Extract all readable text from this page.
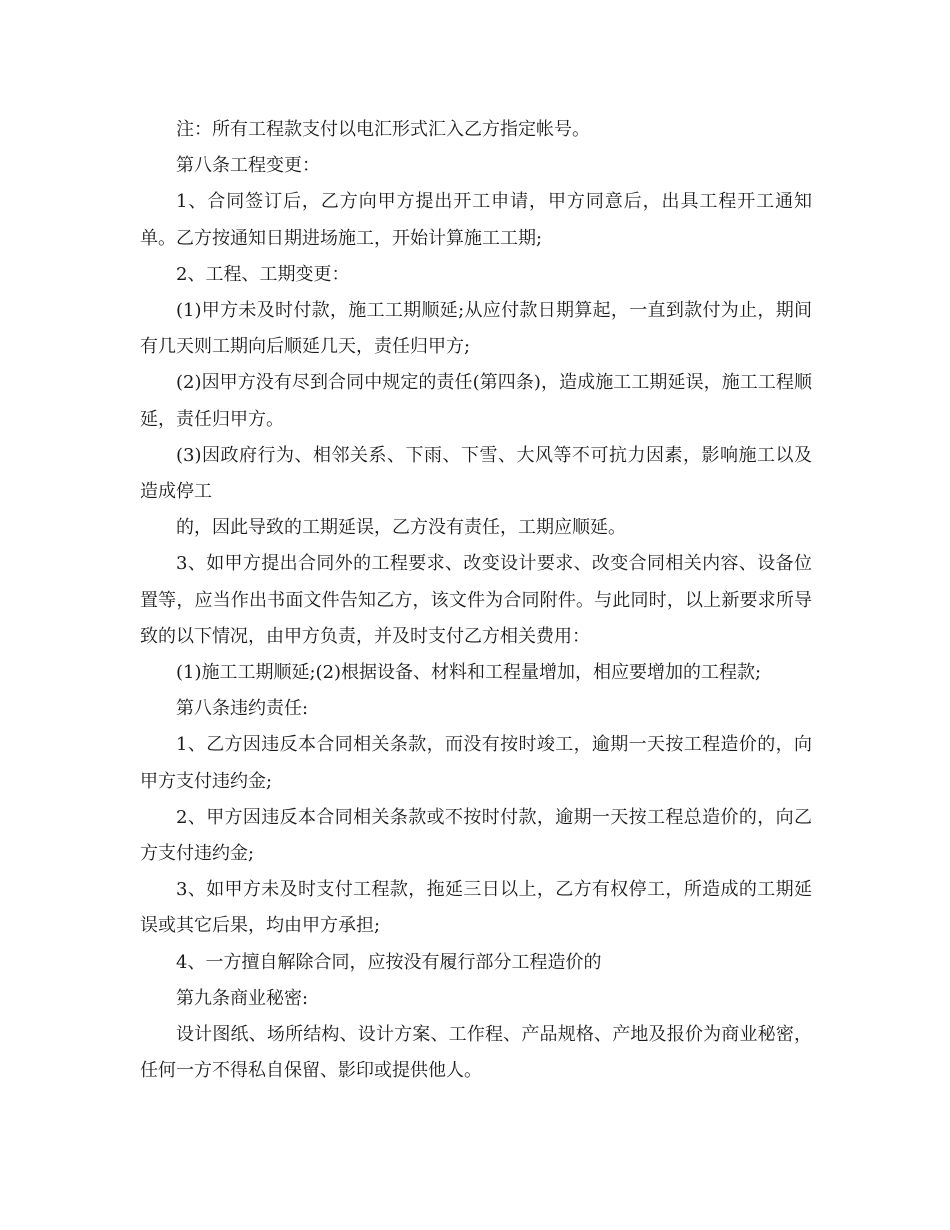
注：所有工程款支付以电汇形式汇入乙方指定帐号。

第八条工程变更：

1、合同签订后，乙方向甲方提出开工申请，甲方同意后，出具工程开工通知单。乙方按通知日期进场施工，开始计算施工工期;

2、工程、工期变更：

(1)甲方未及时付款，施工工期顺延;从应付款日期算起，一直到款付为止，期间有几天则工期向后顺延几天，责任归甲方;

(2)因甲方没有尽到合同中规定的责任(第四条)，造成施工工期延误，施工工程顺延，责任归甲方。

(3)因政府行为、相邻关系、下雨、下雪、大风等不可抗力因素，影响施工以及造成停工

的，因此导致的工期延误，乙方没有责任，工期应顺延。

3、如甲方提出合同外的工程要求、改变设计要求、改变合同相关内容、设备位置等，应当作出书面文件告知乙方，该文件为合同附件。与此同时，以上新要求所导致的以下情况，由甲方负责，并及时支付乙方相关费用：

(1)施工工期顺延;(2)根据设备、材料和工程量增加，相应要增加的工程款;

第八条违约责任:

1、乙方因违反本合同相关条款，而没有按时竣工，逾期一天按工程造价的，向甲方支付违约金;

2、甲方因违反本合同相关条款或不按时付款，逾期一天按工程总造价的，向乙方支付违约金;

3、如甲方未及时支付工程款，拖延三日以上，乙方有权停工，所造成的工期延误或其它后果，均由甲方承担;

4、一方擅自解除合同，应按没有履行部分工程造价的

第九条商业秘密:

设计图纸、场所结构、设计方案、工作程、产品规格、产地及报价为商业秘密，任何一方不得私自保留、影印或提供他人。
